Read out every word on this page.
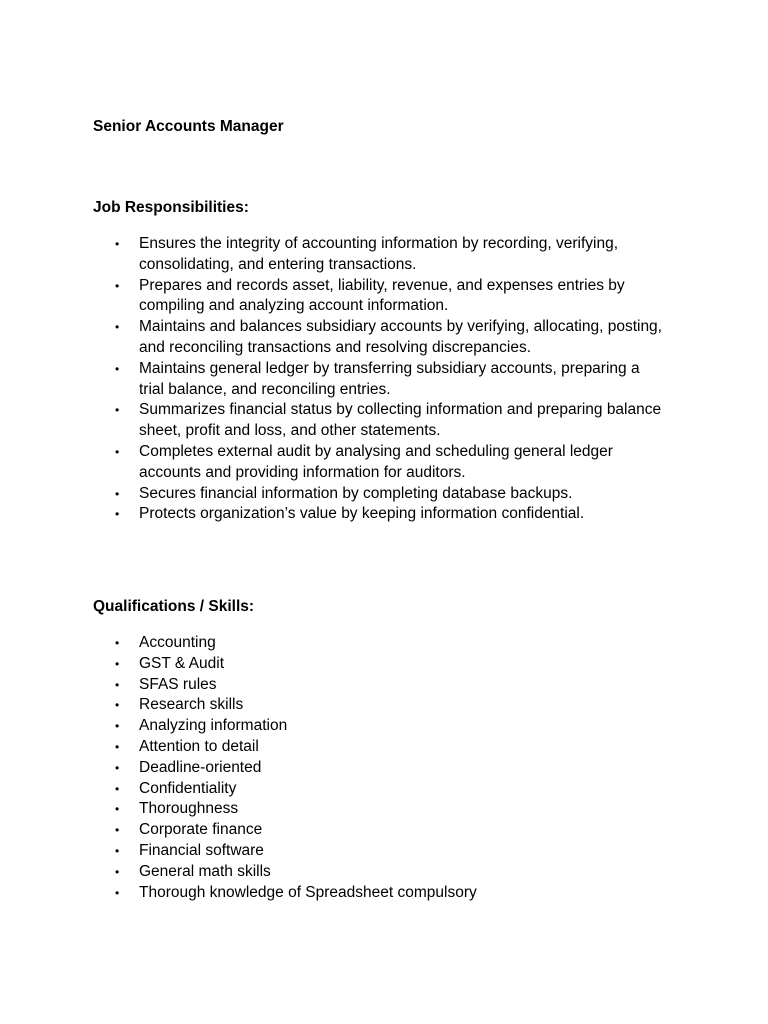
Senior Accounts Manager
Job Responsibilities:
• Ensures the integrity of accounting information by recording, verifying, consolidating, and entering transactions.
• Prepares and records asset, liability, revenue, and expenses entries by compiling and analyzing account information.
• Maintains and balances subsidiary accounts by verifying, allocating, posting, and reconciling transactions and resolving discrepancies.
• Maintains general ledger by transferring subsidiary accounts, preparing a trial balance, and reconciling entries.
• Summarizes financial status by collecting information and preparing balance sheet, profit and loss, and other statements.
• Completes external audit by analysing and scheduling general ledger accounts and providing information for auditors.
• Secures financial information by completing database backups.
• Protects organization’s value by keeping information confidential.
Qualifications / Skills:
• Accounting
• GST & Audit
• SFAS rules
• Research skills
• Analyzing information
• Attention to detail
• Deadline-oriented
• Confidentiality
• Thoroughness
• Corporate finance
• Financial software
• General math skills
• Thorough knowledge of Spreadsheet compulsory
